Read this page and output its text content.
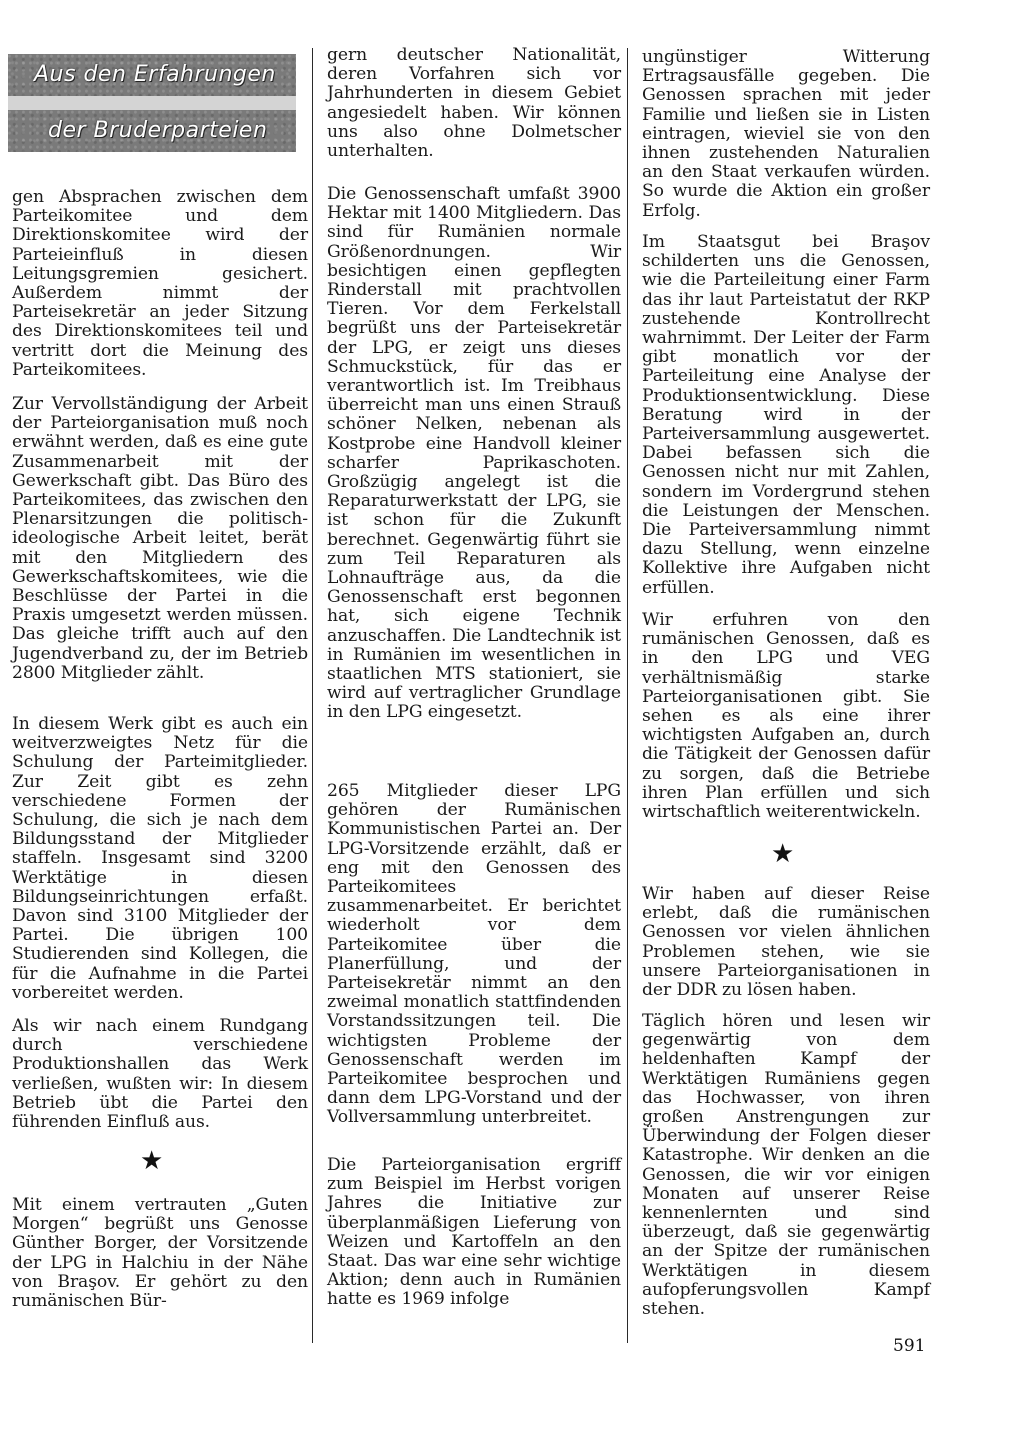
Aus den Erfahrungen
der Bruderparteien
gen Absprachen zwischen dem Parteikomitee und dem Direktionskomitee wird der Parteieinfluß in diesen Leitungsgremien gesichert. Außerdem nimmt der Parteisekretär an jeder Sitzung des Direktionskomitees teil und vertritt dort die Meinung des Parteikomitees.
Zur Vervollständigung der Arbeit der Parteiorganisation muß noch erwähnt werden, daß es eine gute Zusammenarbeit mit der Gewerkschaft gibt. Das Büro des Parteikomitees, das zwischen den Plenarsitzungen die politisch-ideologische Arbeit leitet, berät mit den Mitgliedern des Gewerkschaftskomitees, wie die Beschlüsse der Partei in die Praxis umgesetzt werden müssen. Das gleiche trifft auch auf den Jugendverband zu, der im Betrieb 2800 Mitglieder zählt.
In diesem Werk gibt es auch ein weitverzweigtes Netz für die Schulung der Parteimitglieder. Zur Zeit gibt es zehn verschiedene Formen der Schulung, die sich je nach dem Bildungsstand der Mitglieder staffeln. Insgesamt sind 3200 Werktätige in diesen Bildungseinrichtungen erfaßt. Davon sind 3100 Mitglieder der Partei. Die übrigen 100 Studierenden sind Kollegen, die für die Aufnahme in die Partei vorbereitet werden.
Als wir nach einem Rundgang durch verschiedene Produktionshallen das Werk verließen, wußten wir: In diesem Betrieb übt die Partei den führenden Einfluß aus.
★
Mit einem vertrauten „Guten Morgen“ begrüßt uns Genosse Günther Borger, der Vorsitzende der LPG in Halchiu in der Nähe von Braşov. Er gehört zu den rumänischen Bür-
gern deutscher Nationalität, deren Vorfahren sich vor Jahrhunderten in diesem Gebiet angesiedelt haben. Wir können uns also ohne Dolmetscher unterhalten.
Die Genossenschaft umfaßt 3900 Hektar mit 1400 Mitgliedern. Das sind für Rumänien normale Größenordnungen. Wir besichtigen einen gepflegten Rinderstall mit prachtvollen Tieren. Vor dem Ferkelstall begrüßt uns der Parteisekretär der LPG, er zeigt uns dieses Schmuckstück, für das er verantwortlich ist. Im Treibhaus überreicht man uns einen Strauß schöner Nelken, nebenan als Kostprobe eine Handvoll kleiner scharfer Paprikaschoten. Großzügig angelegt ist die Reparaturwerkstatt der LPG, sie ist schon für die Zukunft berechnet. Gegenwärtig führt sie zum Teil Reparaturen als Lohnaufträge aus, da die Genossenschaft erst begonnen hat, sich eigene Technik anzuschaffen. Die Landtechnik ist in Rumänien im wesentlichen in staatlichen MTS stationiert, sie wird auf vertraglicher Grundlage in den LPG eingesetzt.
265 Mitglieder dieser LPG gehören der Rumänischen Kommunistischen Partei an. Der LPG-Vorsitzende erzählt, daß er eng mit den Genossen des Parteikomitees zusammenarbeitet. Er berichtet wiederholt vor dem Parteikomitee über die Planerfüllung, und der Parteisekretär nimmt an den zweimal monatlich stattfindenden Vorstandssitzungen teil. Die wichtigsten Probleme der Genossenschaft werden im Parteikomitee besprochen und dann dem LPG-Vorstand und der Vollversammlung unterbreitet.
Die Parteiorganisation ergriff zum Beispiel im Herbst vorigen Jahres die Initiative zur überplanmäßigen Lieferung von Weizen und Kartoffeln an den Staat. Das war eine sehr wichtige Aktion; denn auch in Rumänien hatte es 1969 infolge
ungünstiger Witterung Ertragsausfälle gegeben. Die Genossen sprachen mit jeder Familie und ließen sie in Listen eintragen, wieviel sie von den ihnen zustehenden Naturalien an den Staat verkaufen würden. So wurde die Aktion ein großer Erfolg.
Im Staatsgut bei Braşov schilderten uns die Genossen, wie die Parteileitung einer Farm das ihr laut Parteistatut der RKP zustehende Kontrollrecht wahrnimmt. Der Leiter der Farm gibt monatlich vor der Parteileitung eine Analyse der Produktionsentwicklung. Diese Beratung wird in der Parteiversammlung ausgewertet. Dabei befassen sich die Genossen nicht nur mit Zahlen, sondern im Vordergrund stehen die Leistungen der Menschen. Die Parteiversammlung nimmt dazu Stellung, wenn einzelne Kollektive ihre Aufgaben nicht erfüllen.
Wir erfuhren von den rumänischen Genossen, daß es in den LPG und VEG verhältnismäßig starke Parteiorganisationen gibt. Sie sehen es als eine ihrer wichtigsten Aufgaben an, durch die Tätigkeit der Genossen dafür zu sorgen, daß die Betriebe ihren Plan erfüllen und sich wirtschaftlich weiterentwickeln.
★
Wir haben auf dieser Reise erlebt, daß die rumänischen Genossen vor vielen ähnlichen Problemen stehen, wie sie unsere Parteiorganisationen in der DDR zu lösen haben.
Täglich hören und lesen wir gegenwärtig von dem heldenhaften Kampf der Werktätigen Rumäniens gegen das Hochwasser, von ihren großen Anstrengungen zur Überwindung der Folgen dieser Katastrophe. Wir denken an die Genossen, die wir vor einigen Monaten auf unserer Reise kennenlernten und sind überzeugt, daß sie gegenwärtig an der Spitze der rumänischen Werktätigen in diesem aufopferungsvollen Kampf stehen.
591
